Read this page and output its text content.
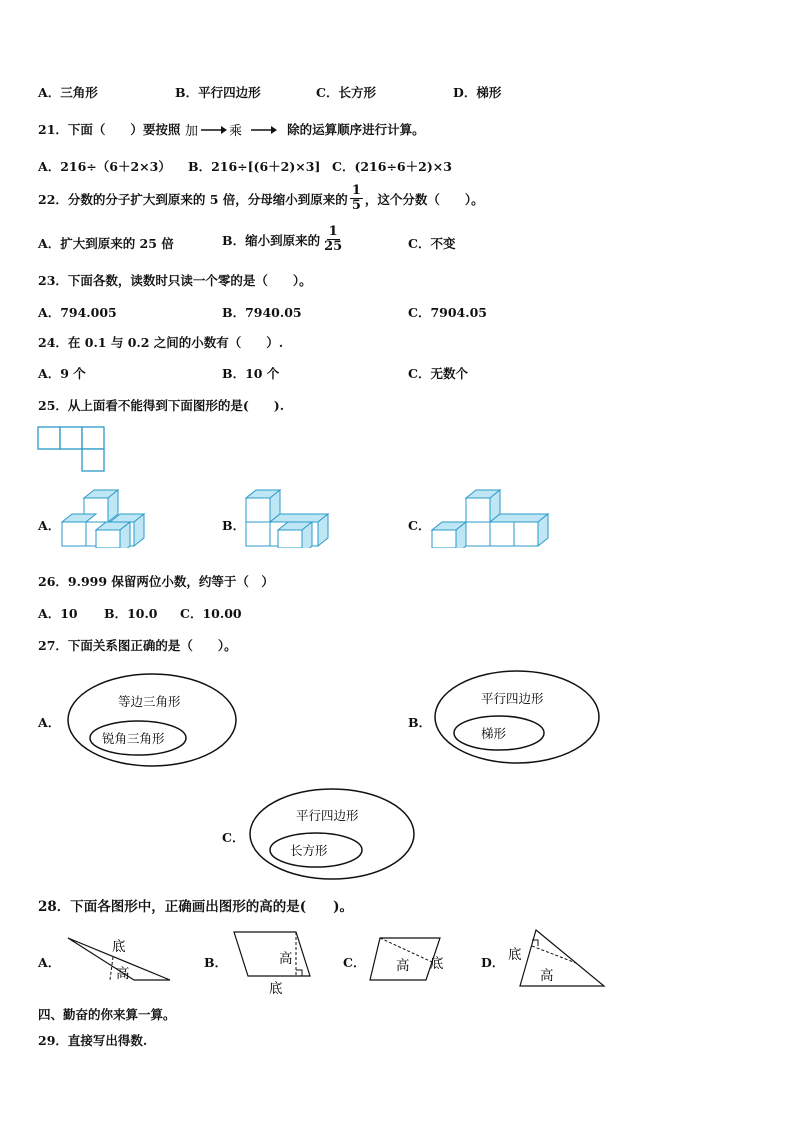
A．三角形	B．平行四边形	C．长方形	D．梯形
21．下面（　　）要按照 加 乘	除的运算顺序进行计算。
A．216÷（6＋2×3） B．216÷[(6＋2)×3] C．(216÷6＋2)×3
22．分数的分子扩大到原来的 5 倍，分母缩小到原来的 $\frac{1}{5}$ ，这个分数（　　）。
A．扩大到原来的 25 倍	B．缩小到原来的 $\frac{1}{25}$	C．不变
23．下面各数，读数时只读一个零的是（　　）。
A．794.005	B．7940.05	C．7904.05
24．在 0.1 与 0.2 之间的小数有（　　）.
A．9 个	B．10 个	C．无数个
25．从上面看不能得到下面图形的是(　　).
A．	B．	C．
26．9.999 保留两位小数，约等于（　）
A．10 B．10.0 C．10.00
27．下面关系图正确的是（　　）。
A．
等边三角形
锐角三角形
B．
平行四边形
梯形
C．
平行四边形
长方形
28．下面各图形中，正确画出图形的高的是(　　)。
A．
底
高
B．	高
底
C． 高 底	D． 底
高
四、勤奋的你来算一算。
29．直接写出得数.
